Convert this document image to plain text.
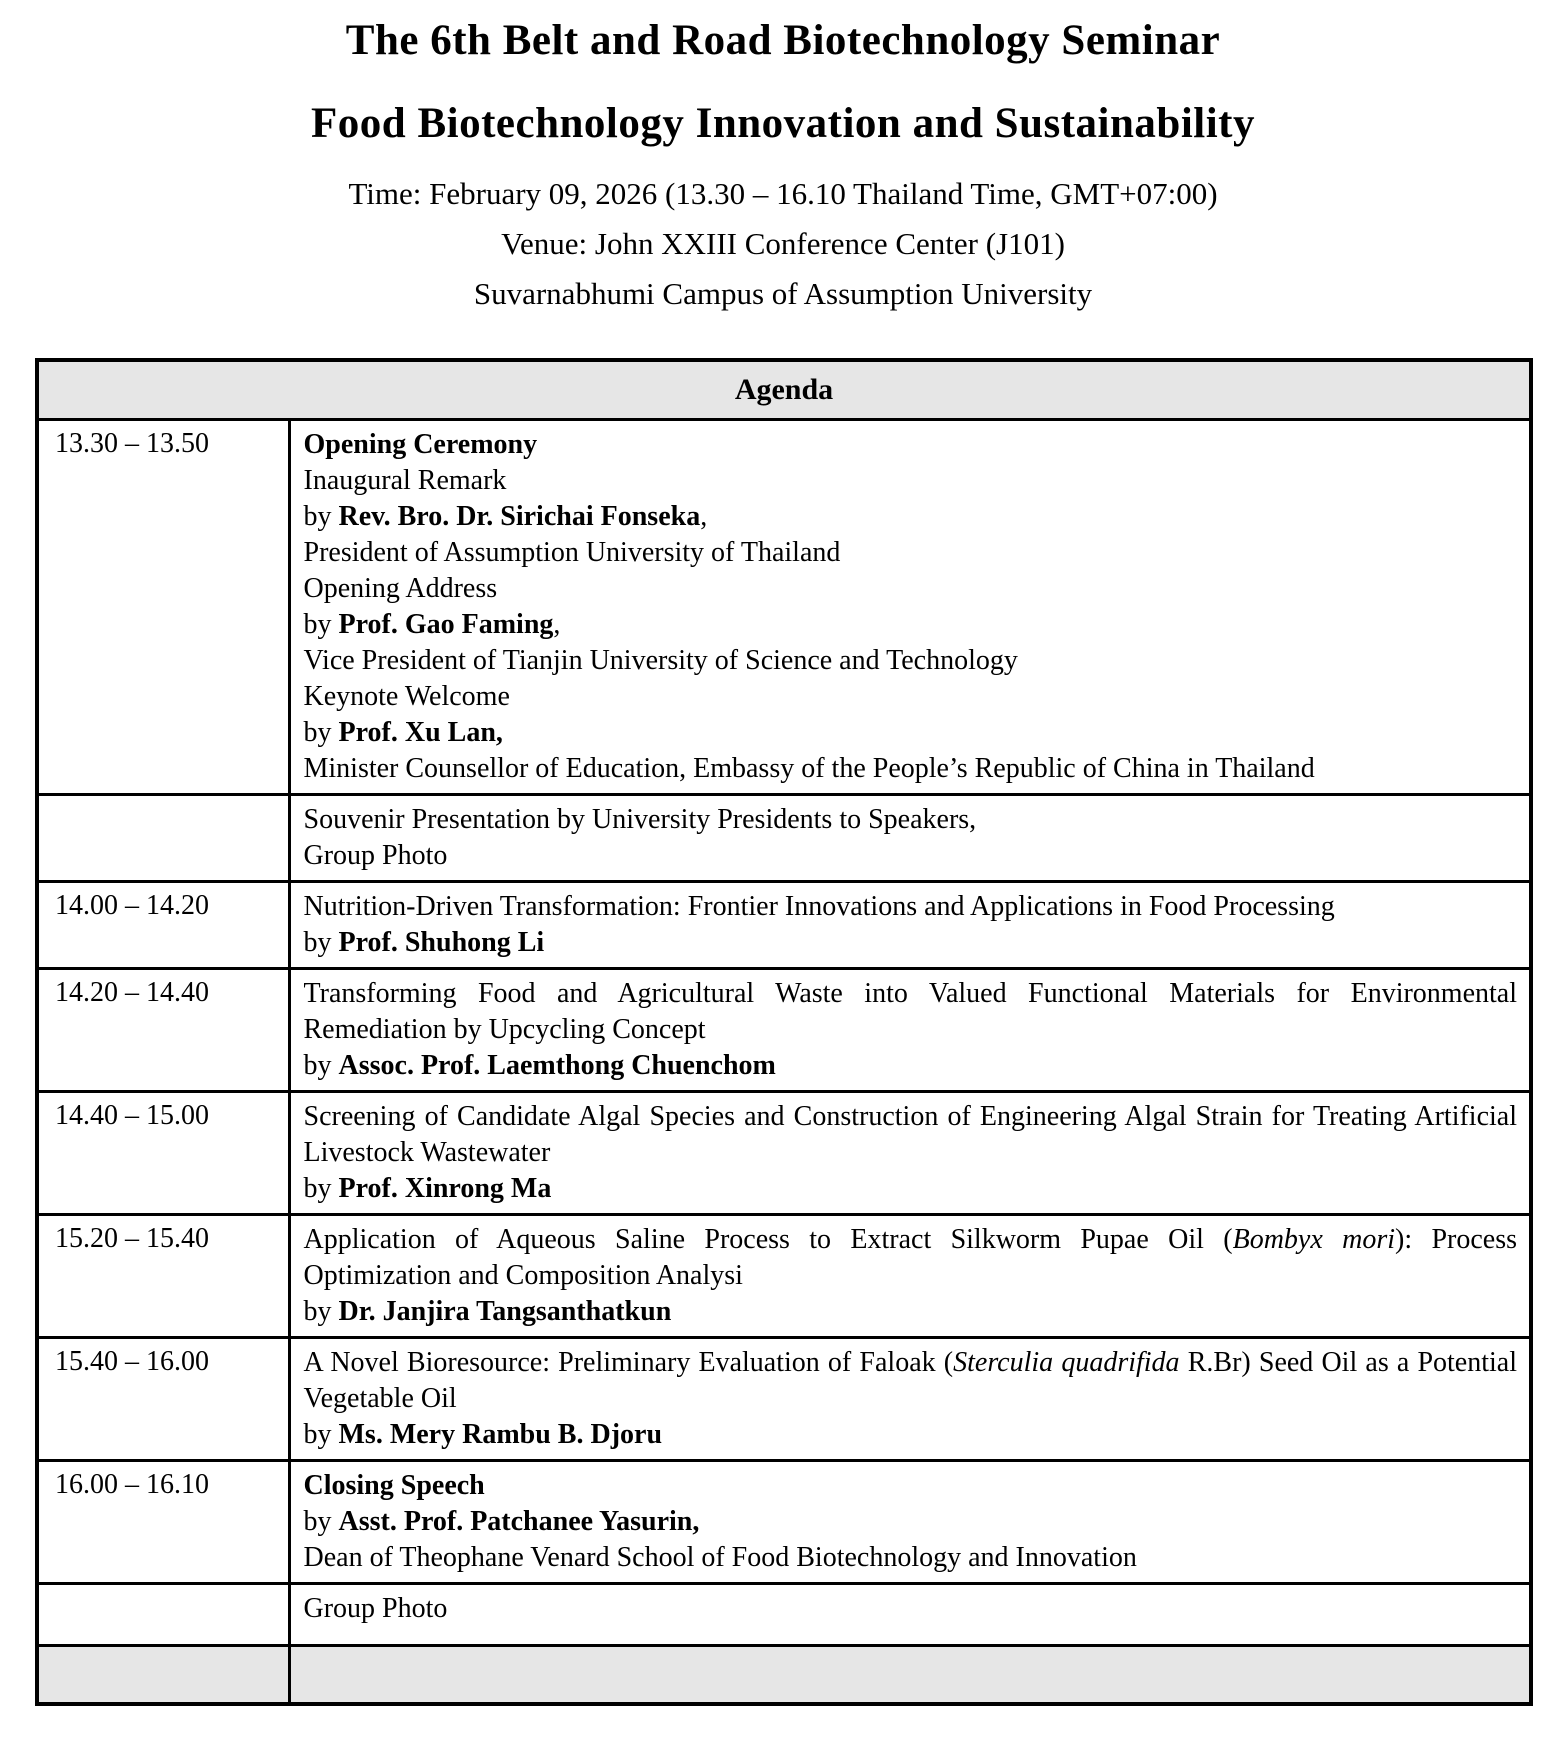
The 6th Belt and Road Biotechnology Seminar
Food Biotechnology Innovation and Sustainability
Time: February 09, 2026 (13.30 – 16.10 Thailand Time, GMT+07:00)
Venue: John XXIII Conference Center (J101)
Suvarnabhumi Campus of Assumption University
Agenda	
13.30 – 13.50	Opening Ceremony

Inaugural Remark

by Rev. Bro. Dr. Sirichai Fonseka,

President of Assumption University of Thailand

Opening Address

by Prof. Gao Faming,

Vice President of Tianjin University of Science and Technology

Keynote Welcome

by Prof. Xu Lan,

Minister Counsellor of Education, Embassy of the People’s Republic of China in Thailand

	Souvenir Presentation by University Presidents to Speakers,

Group Photo

14.00 – 14.20	Nutrition-Driven Transformation: Frontier Innovations and Applications in Food Processing

by Prof. Shuhong Li

14.20 – 14.40	Transforming Food and Agricultural Waste into Valued Functional Materials for Environmental Remediation by Upcycling Concept

by Assoc. Prof. Laemthong Chuenchom

14.40 – 15.00	Screening of Candidate Algal Species and Construction of Engineering Algal Strain for Treating Artificial Livestock Wastewater

by Prof. Xinrong Ma

15.20 – 15.40	Application of Aqueous Saline Process to Extract Silkworm Pupae Oil (Bombyx mori): Process Optimization and Composition Analysi

by Dr. Janjira Tangsanthatkun

15.40 – 16.00	A Novel Bioresource: Preliminary Evaluation of Faloak (Sterculia quadrifida R.Br) Seed Oil as a Potential Vegetable Oil

by Ms. Mery Rambu B. Djoru

16.00 – 16.10	Closing Speech

by Asst. Prof. Patchanee Yasurin,

Dean of Theophane Venard School of Food Biotechnology and Innovation

	Group Photo
